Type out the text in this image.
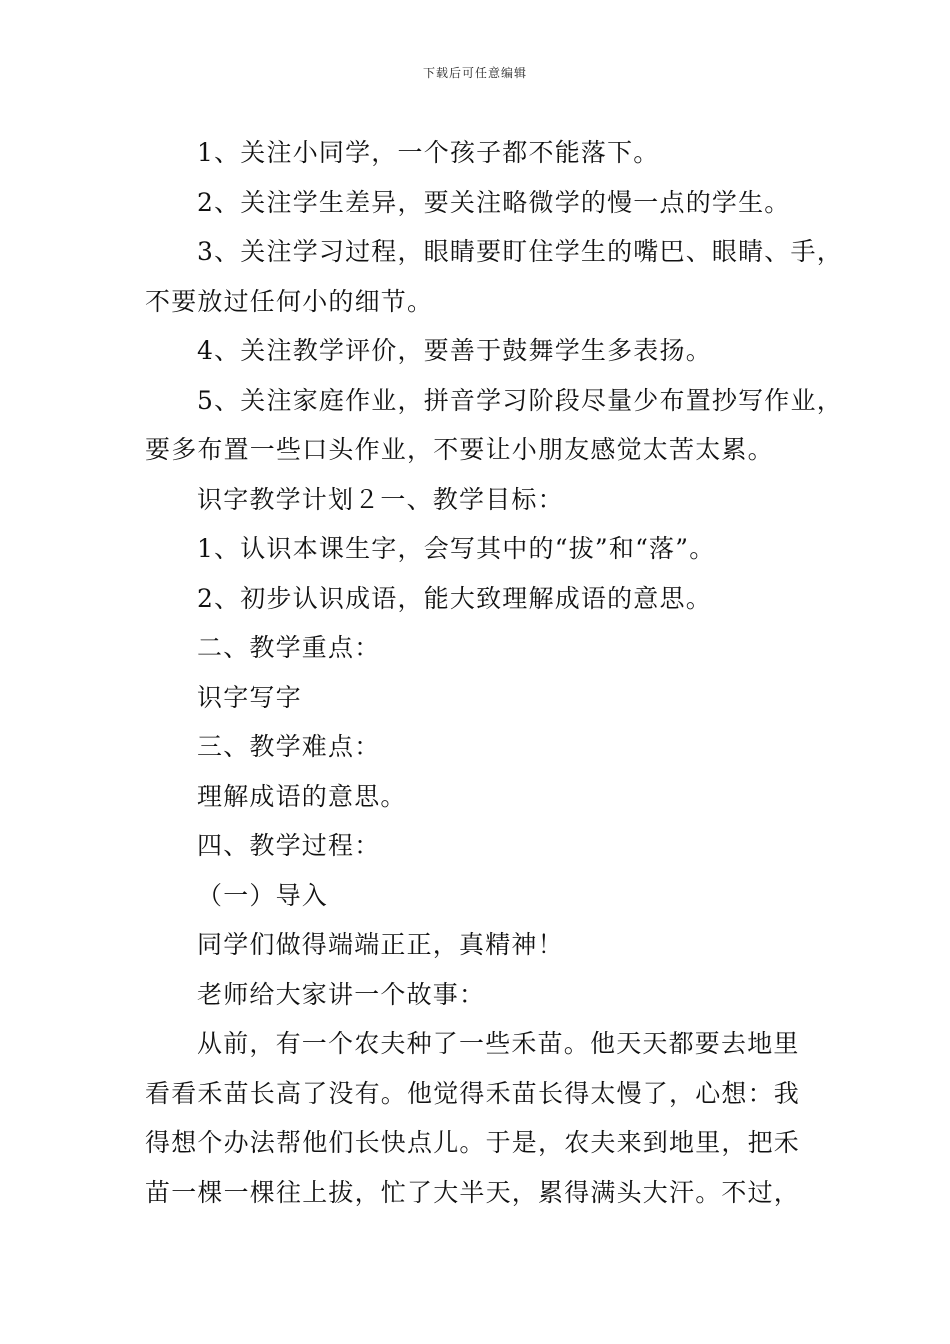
下载后可任意编辑
1、关注小同学，一个孩子都不能落下。
2、关注学生差异，要关注略微学的慢一点的学生。
3、关注学习过程，眼睛要盯住学生的嘴巴、眼睛、手，
不要放过任何小的细节。
4、关注教学评价，要善于鼓舞学生多表扬。
5、关注家庭作业，拼音学习阶段尽量少布置抄写作业，
要多布置一些口头作业，不要让小朋友感觉太苦太累。
识字教学计划２一、教学目标：
1、认识本课生字，会写其中的“拔”和“落”。
2、初步认识成语，能大致理解成语的意思。
二、教学重点：
识字写字
三、教学难点：
理解成语的意思。
四、教学过程：
（一）导入
同学们做得端端正正，真精神！
老师给大家讲一个故事：
从前，有一个农夫种了一些禾苗。他天天都要去地里
看看禾苗长高了没有。他觉得禾苗长得太慢了，心想：我
得想个办法帮他们长快点儿。于是，农夫来到地里，把禾
苗一棵一棵往上拔，忙了大半天，累得满头大汗。不过，
